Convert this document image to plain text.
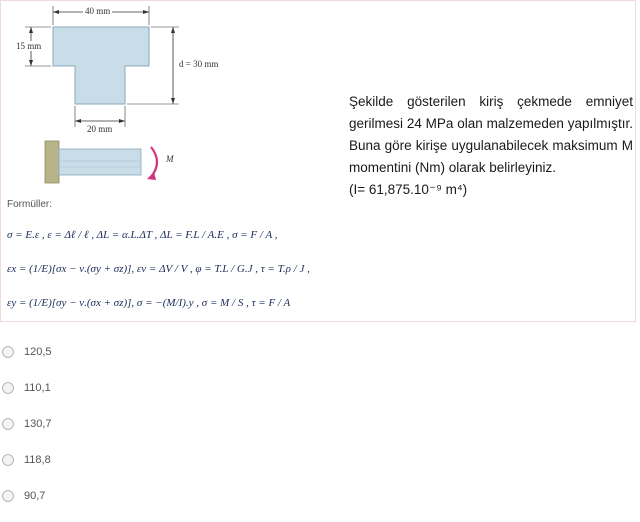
40 mm
15 mm
d = 30 mm
20 mm
M
Formüller:
σ = E.ε , ε = Δℓ / ℓ , ΔL = α.L.ΔT , ΔL = F.L / A.E , σ = F / A ,
εx = (1/E)[σx − ν.(σy + σz)], εv = ΔV / V , φ = T.L / G.J , τ = T.ρ / J ,
εy = (1/E)[σy − ν.(σx + σz)], σ = −(M/I).y , σ = M / S , τ = F / A
Şekilde gösterilen kiriş çekmede emniyet gerilmesi 24 MPa olan malzemeden yapılmıştır. Buna göre kirişe uygulanabilecek maksimum M momentini (Nm) olarak belirleyiniz.
(I= 61,875.10⁻⁹ m⁴)
120,5
110,1
130,7
118,8
90,7
